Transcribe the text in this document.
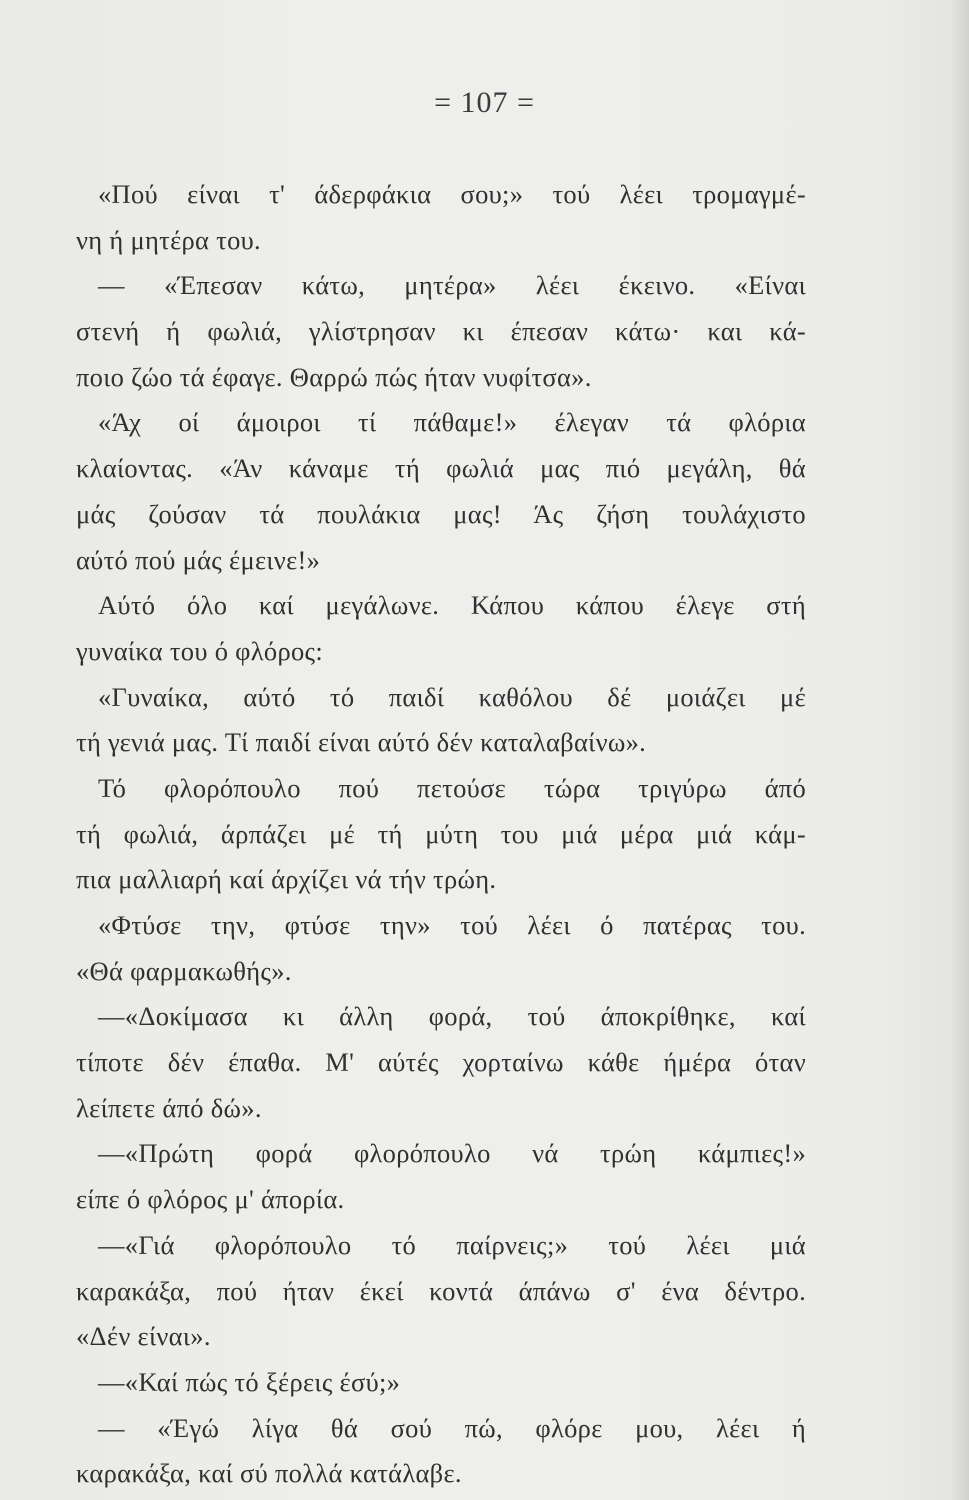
= 107 =
«Πού είναι τ' άδερφάκια σου;» τού λέει τρομαγμέ-
νη ή μητέρα του.
— «Έπεσαν κάτω, μητέρα» λέει έκεινο. «Είναι
στενή ή φωλιά, γλίστρησαν κι έπεσαν κάτω· και κά-
ποιο ζώο τά έφαγε. Θαρρώ πώς ήταν νυφίτσα».
«Άχ οί άμοιροι τί πάθαμε!» έλεγαν τά φλόρια
κλαίοντας. «Άν κάναμε τή φωλιά μας πιό μεγάλη, θά
μάς ζούσαν τά πουλάκια μας! Άς ζήση τουλάχιστο
αύτό πού μάς έμεινε!»
Αύτό όλο καί μεγάλωνε. Κάπου κάπου έλεγε στή
γυναίκα του ό φλόρος:
«Γυναίκα, αύτό τό παιδί καθόλου δέ μοιάζει μέ
τή γενιά μας. Τί παιδί είναι αύτό δέν καταλαβαίνω».
Τό φλορόπουλο πού πετούσε τώρα τριγύρω άπό
τή φωλιά, άρπάζει μέ τή μύτη του μιά μέρα μιά κάμ-
πια μαλλιαρή καί άρχίζει νά τήν τρώη.
«Φτύσε την, φτύσε την» τού λέει ό πατέρας του.
«Θά φαρμακωθής».
—«Δοκίμασα κι άλλη φορά, τού άποκρίθηκε, καί
τίποτε δέν έπαθα. Μ' αύτές χορταίνω κάθε ήμέρα όταν
λείπετε άπό δώ».
—«Πρώτη φορά φλορόπουλο νά τρώη κάμπιες!»
είπε ό φλόρος μ' άπορία.
—«Γιά φλορόπουλο τό παίρνεις;» τού λέει μιά
καρακάξα, πού ήταν έκεί κοντά άπάνω σ' ένα δέντρο.
«Δέν είναι».
—«Καί πώς τό ξέρεις έσύ;»
— «Έγώ λίγα θά σού πώ, φλόρε μου, λέει ή
καρακάξα, καί σύ πολλά κατάλαβε.
